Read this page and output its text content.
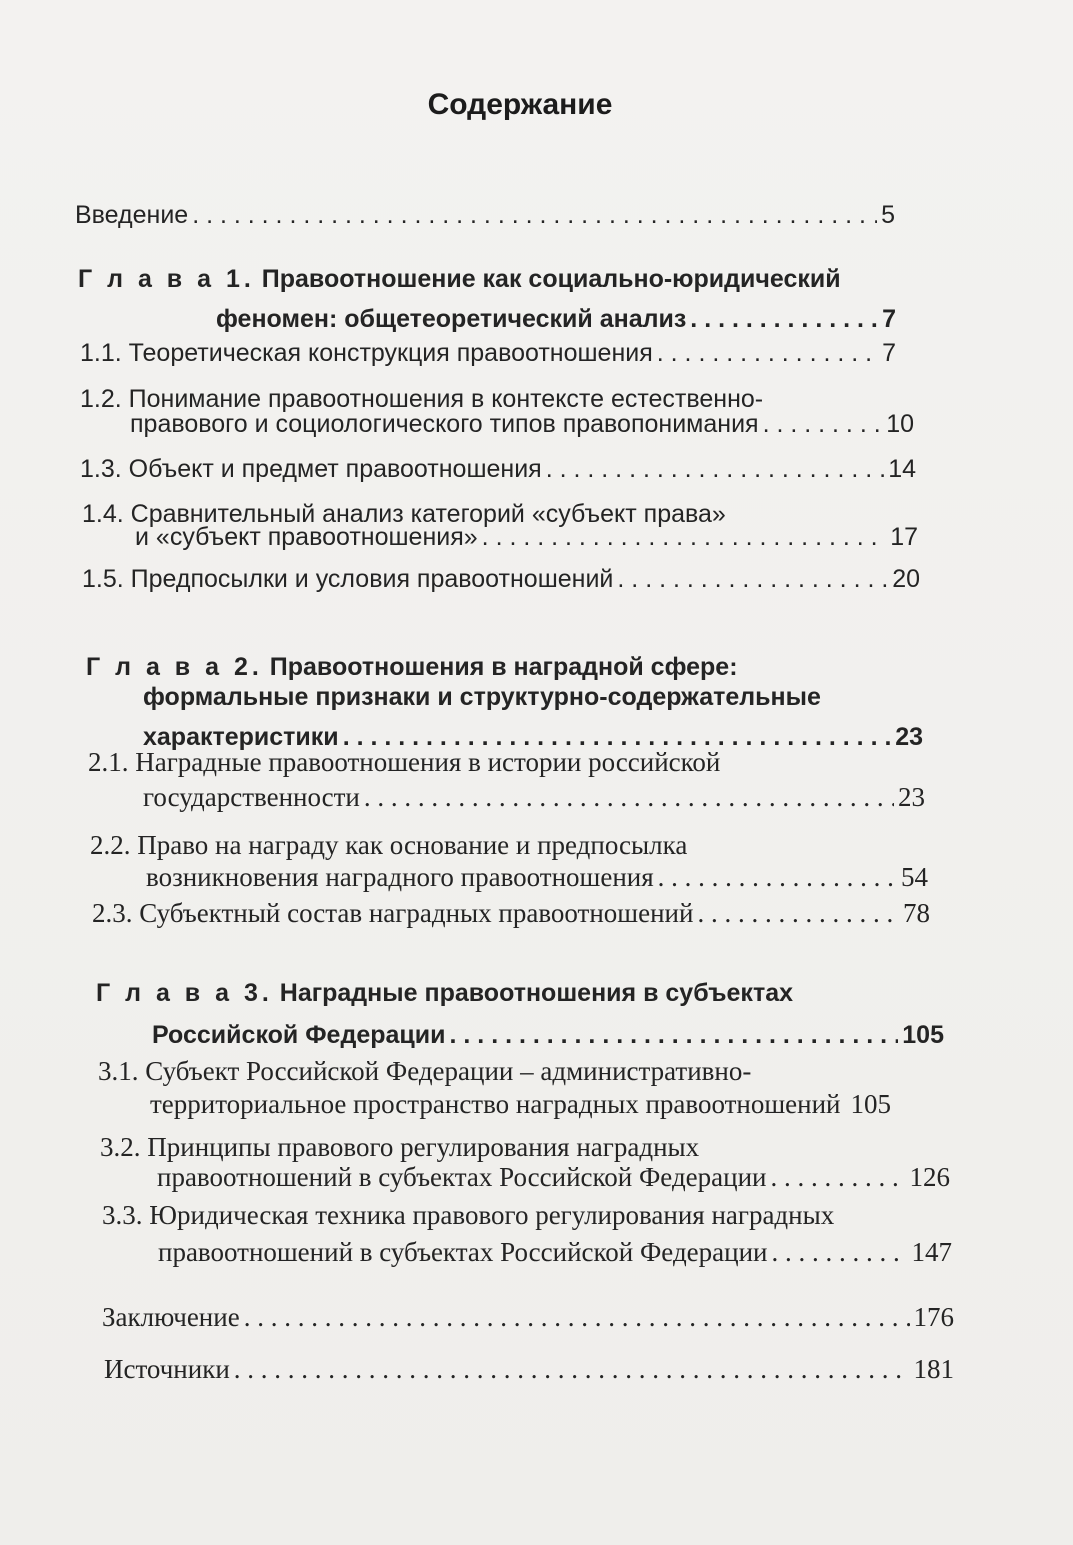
Содержание
Введение . . .	5
Г л а в а 1. Правоотношение как социально-юридический
феномен: общетеоретический анализ . . .	7
1.1. Теоретическая конструкция правоотношения . . .	7
1.2. Понимание правоотношения в контексте естественно-
правового и социологического типов правопонимания . . .	10
1.3. Объект и предмет правоотношения . . .	14
1.4. Сравнительный анализ категорий «субъект права»
и «субъект правоотношения» . . .	17
1.5. Предпосылки и условия правоотношений . . .	20
Г л а в а 2. Правоотношения в наградной сфере:
формальные признаки и структурно-содержательные
характеристики . . .	23
2.1. Наградные правоотношения в истории российской
государственности . . .	23
2.2. Право на награду как основание и предпосылка
возникновения наградного правоотношения . . .	54
2.3. Субъектный состав наградных правоотношений . . .	78
Г л а в а 3. Наградные правоотношения в субъектах
Российской Федерации . . .	105
3.1. Субъект Российской Федерации – административно-
территориальное пространство наградных правоотношений 105
3.2. Принципы правового регулирования наградных
правоотношений в субъектах Российской Федерации . . .	126
3.3. Юридическая техника правового регулирования наградных
правоотношений в субъектах Российской Федерации . . .	147
Заключение . . .	176
Источники . . .	181
